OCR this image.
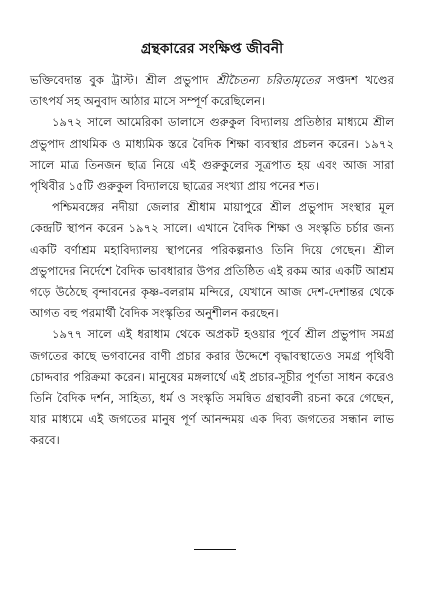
গ্রন্থকারের সংক্ষিপ্ত জীবনী

ভক্তিবেদান্ত বুক ট্রাস্ট। শ্রীল প্রভুপাদ শ্রীচৈতন্য চরিতামৃতের সপ্তদশ খণ্ডের তাৎপর্য সহ অনুবাদ আঠার মাসে সম্পূর্ণ করেছিলেন।

১৯৭২ সালে আমেরিকা ডালাসে গুরুকুল বিদ্যালয় প্রতিষ্ঠার মাধ্যমে শ্রীল প্রভুপাদ প্রাথমিক ও মাধ্যমিক স্তরে বৈদিক শিক্ষা ব্যবস্থার প্রচলন করেন। ১৯৭২ সালে মাত্র তিনজন ছাত্র নিয়ে এই গুরুকুলের সূত্রপাত হয় এবং আজ সারা পৃথিবীর ১৫টি গুরুকুল বিদ্যালয়ে ছাত্রের সংখ্যা প্রায় পনের শত।

পশ্চিমবঙ্গের নদীয়া জেলার শ্রীধাম মায়াপুরে শ্রীল প্রভুপাদ সংস্থার মূল কেন্দ্রটি স্থাপন করেন ১৯৭২ সালে। এখানে বৈদিক শিক্ষা ও সংস্কৃতি চর্চার জন্য একটি বর্ণাশ্রম মহাবিদ্যালয় স্থাপনের পরিকল্পনাও তিনি দিয়ে গেছেন। শ্রীল প্রভুপাদের নির্দেশে বৈদিক ভাবধারার উপর প্রতিষ্ঠিত এই রকম আর একটি আশ্রম গড়ে উঠেছে বৃন্দাবনের কৃষ্ণ-বলরাম মন্দিরে, যেখানে আজ দেশ-দেশান্তর থেকে আগত বহু পরমার্থী বৈদিক সংস্কৃতির অনুশীলন করছেন।

১৯৭৭ সালে এই ধরাধাম থেকে অপ্রকট হওয়ার পূর্বে শ্রীল প্রভুপাদ সমগ্র জগতের কাছে ভগবানের বাণী প্রচার করার উদ্দেশে বৃদ্ধাবস্থাতেও সমগ্র পৃথিবী চোদ্দবার পরিক্রমা করেন। মানুষের মঙ্গলার্থে এই প্রচার-সূচীর পূর্ণতা সাধন করেও তিনি বৈদিক দর্শন, সাহিত্য, ধর্ম ও সংস্কৃতি সমন্বিত গ্রন্থাবলী রচনা করে গেছেন, যার মাধ্যমে এই জগতের মানুষ পূর্ণ আনন্দময় এক দিব্য জগতের সন্ধান লাভ করবে।
